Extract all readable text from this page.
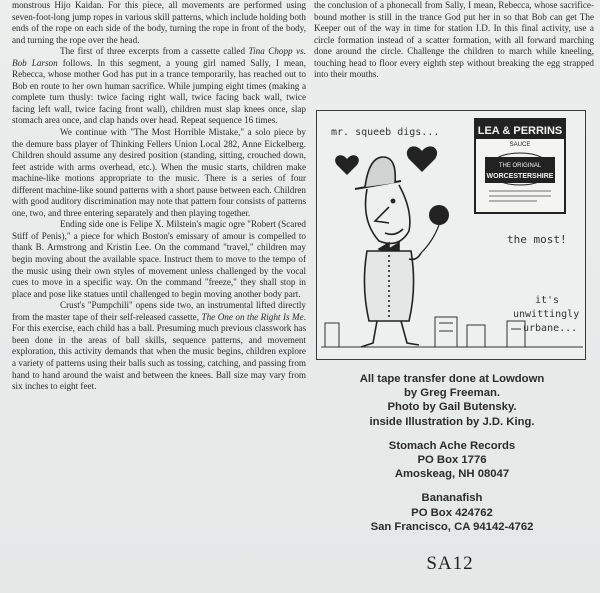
monstrous Hijo Kaidan. For this piece, all movements are performed using seven-foot-long jump ropes in various skill patterns, which include holding both ends of the rope on each side of the body, turning the rope in front of the body, and turning the rope over the head.

The first of three excerpts from a cassette called Tina Chopp vs. Bob Larson follows. In this segment, a young girl named Sally, I mean, Rebecca, whose mother God has put in a trance temporarily, has reached out to Bob en route to her own human sacrifice. While jumping eight times (making a complete turn thusly: twice facing right wall, twice facing back wall, twice facing left wall, twice facing front wall), children must slap knees once, slap stomach area once, and clap hands over head. Repeat sequence 16 times.

We continue with "The Most Horrible Mistake," a solo piece by the demure bass player of Thinking Fellers Union Local 282, Anne Eickelberg. Children should assume any desired position (standing, sitting, crouched down, feet astride with arms overhead, etc.). When the music starts, children make machine-like motions appropriate to the music. There is a series of four different machine-like sound patterns with a short pause between each. Children with good auditory discrimination may note that pattern four consists of patterns one, two, and three entering separately and then playing together.

Ending side one is Felipe X. Milstein's magic ogre "Robert (Scared Stiff of Penis)," a piece for which Boston's emissary of amour is compelled to thank B. Armstrong and Kristin Lee. On the command "travel," children may begin moving about the available space. Instruct them to move to the tempo of the music using their own styles of movement unless challenged by the vocal cues to move in a specific way. On the command "freeze," they shall stop in place and pose like statues until challenged to begin moving another body part.

Crust's "Pumpchili" opens side two, an instrumental lifted directly from the master tape of their self-released cassette, The One on the Right Is Me. For this exercise, each child has a ball. Presuming much previous classwork has been done in the areas of ball skills, sequence patterns, and movement exploration, this activity demands that when the music begins, children explore a variety of patterns using their balls such as tossing, catching, and passing from hand to hand around the waist and between the knees. Ball size may vary from six inches to eight feet.

the conclusion of a phonecall from Sally, I mean, Rebecca, whose sacrifice-bound mother is still in the trance God put her in so that Bob can get The Keeper out of the way in time for station I.D. In this final activity, use a circle formation instead of a scatter formation, with all forward marching done around the circle. Challenge the children to march while kneeling, touching head to floor every eighth step without breaking the egg strapped into their mouths.

mr. squeeb digs...	LEA & PERRINS
SAUCE
THE ORIGINAL
WORCESTERSHIRE
the most!
it's
unwittingly
urbane...
All tape transfer done at Lowdown
by Greg Freeman.
Photo by Gail Butensky.
inside Illustration by J.D. King.
Stomach Ache Records
PO Box 1776
Amoskeag, NH 08047
Bananafish
PO Box 424762
San Francisco, CA 94142-4762
SA12
